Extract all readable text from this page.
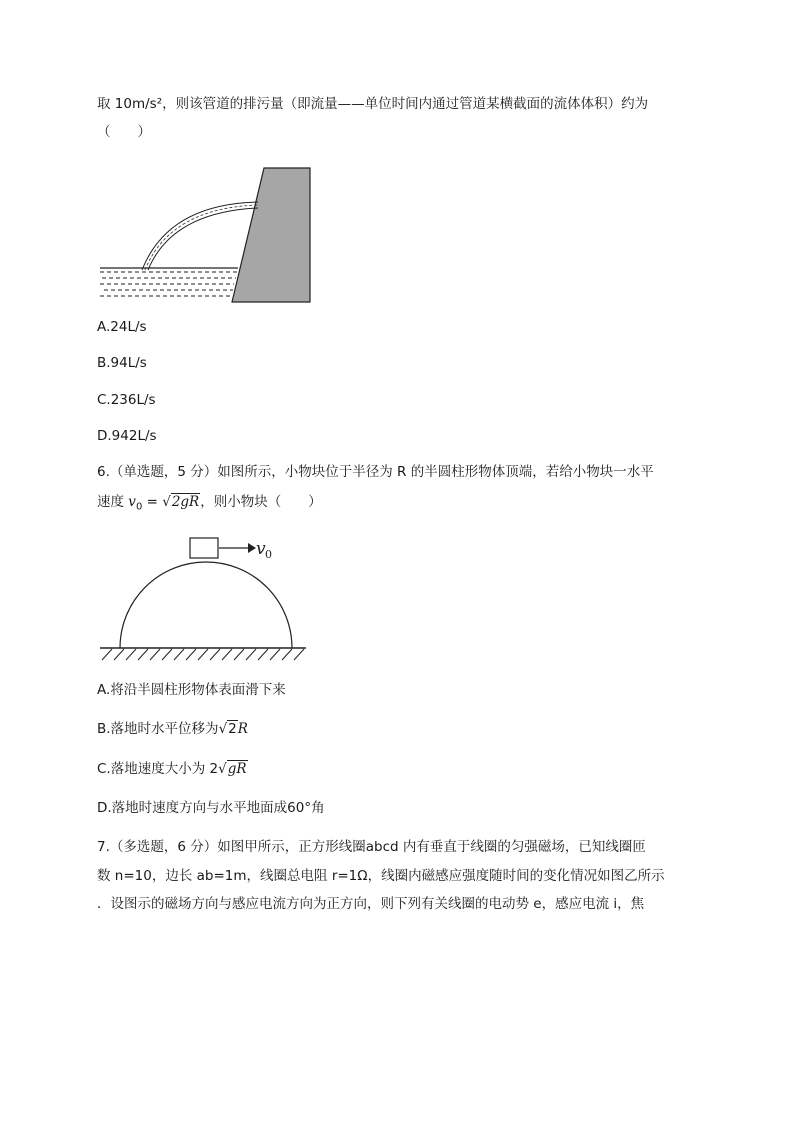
取 10m/s²，则该管道的排污量（即流量——单位时间内通过管道某横截面的流体体积）约为
（　　）
A.24L/s
B.94L/s
C.236L/s
D.942L/s
6.（单选题，5 分）如图所示，小物块位于半径为 R 的半圆柱形物体顶端，若给小物块一水平
速度 $v_0 = √2gR$，则小物块（　　）
v 0
A.将沿半圆柱形物体表面滑下来
B.落地时水平位移为√2R
C.落地速度大小为 2√gR
D.落地时速度方向与水平地面成60°角
7.（多选题，6 分）如图甲所示，正方形线圈abcd 内有垂直于线圈的匀强磁场，已知线圈匝
数 n=10，边长 ab=1m，线圈总电阻 r=1Ω，线圈内磁感应强度随时间的变化情况如图乙所示
．设图示的磁场方向与感应电流方向为正方向，则下列有关线圈的电动势 e，感应电流 i，焦
